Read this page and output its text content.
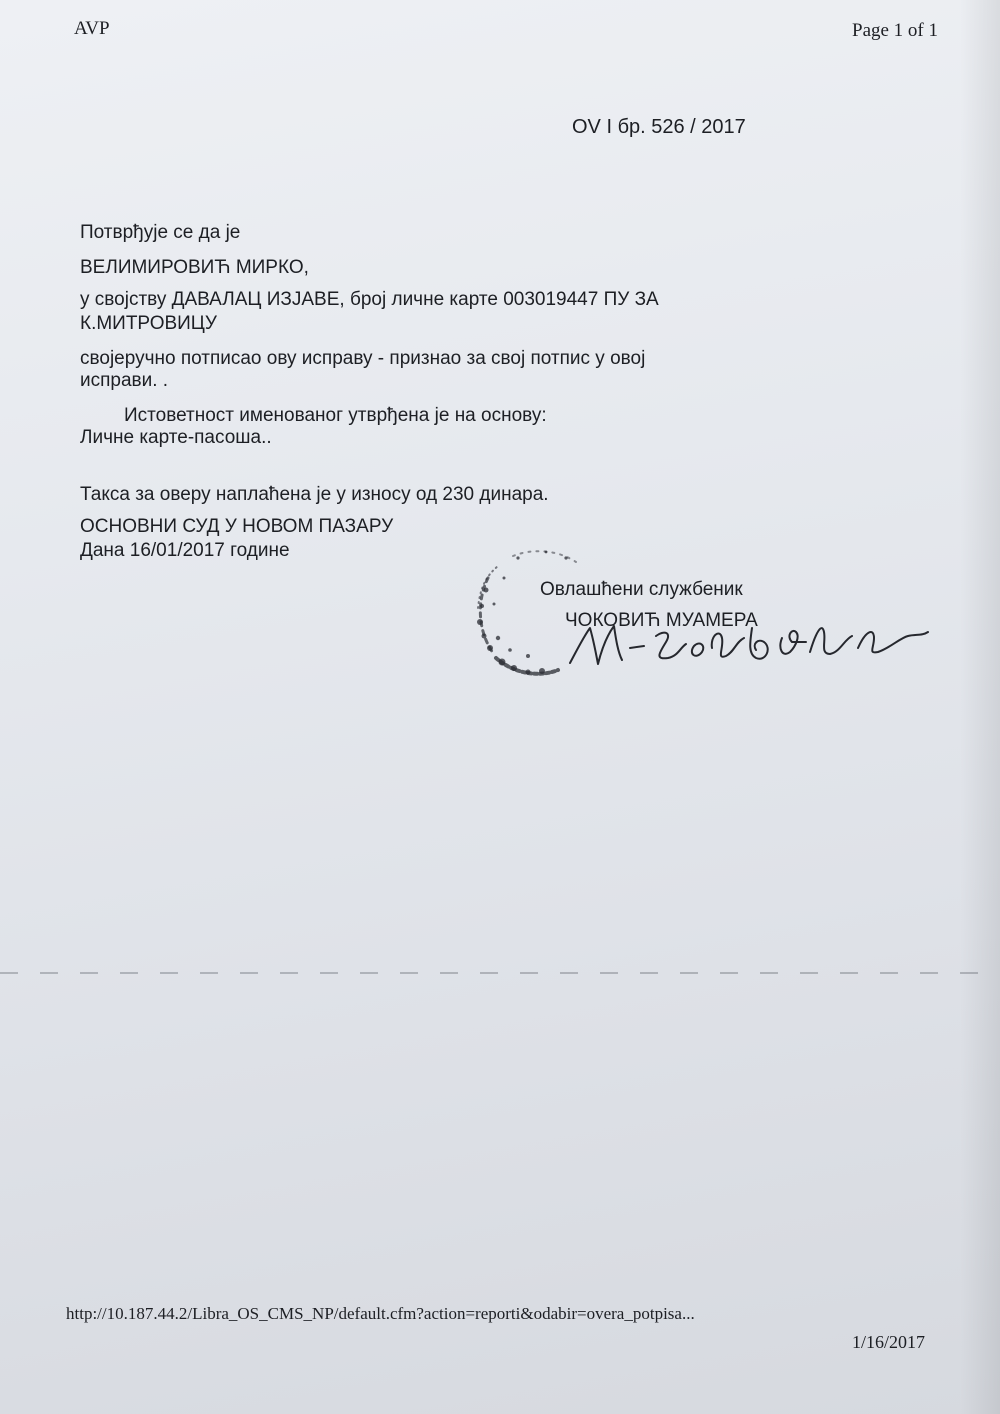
AVP	Page 1 of 1
OV I бр. 526 / 2017
Потврђује се да је
ВЕЛИМИРОВИЋ МИРКО,
у својству ДАВАЛАЦ ИЗЈАВЕ, број личне карте 003019447 ПУ ЗА
К.МИТРОВИЦУ
својеручно потписао ову исправу - признао за свој потпис у овој
исправи. .
Истоветност именованог утврђена је на основу:
Личне карте-пасоша..
Такса за оверу наплаћена је у износу од 230 динара.
ОСНОВНИ СУД У НОВОМ ПАЗАРУ
Дана 16/01/2017 године
Овлашћени службеник
ЧОКОВИЋ МУАМЕРА
http://10.187.44.2/Libra_OS_CMS_NP/default.cfm?action=reporti&odabir=overa_potpisa...
1/16/2017
